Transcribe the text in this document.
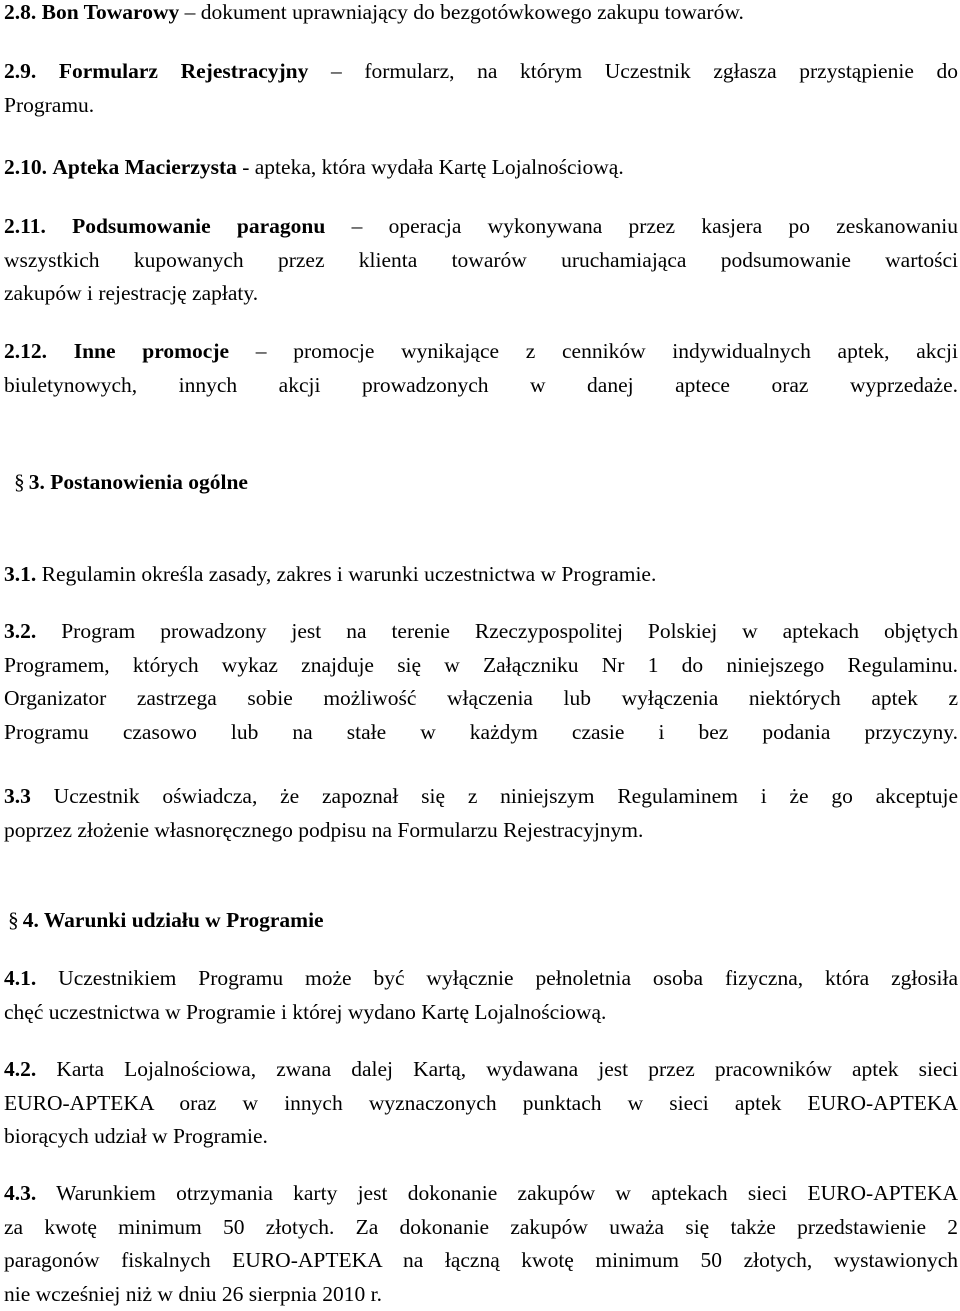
2.8. Bon Towarowy – dokument uprawniający do bezgotówkowego zakupu towarów.
2.9. Formularz Rejestracyjny – formularz, na którym Uczestnik zgłasza przystąpienie do
Programu.
2.10. Apteka Macierzysta - apteka, która wydała Kartę Lojalnościową.
2.11. Podsumowanie paragonu – operacja wykonywana przez kasjera po zeskanowaniu
wszystkich kupowanych przez klienta towarów uruchamiająca podsumowanie wartości
zakupów i rejestrację zapłaty.
2.12. Inne promocje – promocje wynikające z cenników indywidualnych aptek, akcji
biuletynowych, innych akcji prowadzonych w danej aptece oraz wyprzedaże.
§ 3. Postanowienia ogólne
3.1. Regulamin określa zasady, zakres i warunki uczestnictwa w Programie.
3.2. Program prowadzony jest na terenie Rzeczypospolitej Polskiej w aptekach objętych
Programem, których wykaz znajduje się w Załączniku Nr 1 do niniejszego Regulaminu.
Organizator zastrzega sobie możliwość włączenia lub wyłączenia niektórych aptek z
Programu czasowo lub na stałe w każdym czasie i bez podania przyczyny.
3.3 Uczestnik oświadcza, że zapoznał się z niniejszym Regulaminem i że go akceptuje
poprzez złożenie własnoręcznego podpisu na Formularzu Rejestracyjnym.
§ 4. Warunki udziału w Programie
4.1. Uczestnikiem Programu może być wyłącznie pełnoletnia osoba fizyczna, która zgłosiła
chęć uczestnictwa w Programie i której wydano Kartę Lojalnościową.
4.2. Karta Lojalnościowa, zwana dalej Kartą, wydawana jest przez pracowników aptek sieci
EURO-APTEKA oraz w innych wyznaczonych punktach w sieci aptek EURO-APTEKA
biorących udział w Programie.
4.3. Warunkiem otrzymania karty jest dokonanie zakupów w aptekach sieci EURO-APTEKA
za kwotę minimum 50 złotych. Za dokonanie zakupów uważa się także przedstawienie 2
paragonów fiskalnych EURO-APTEKA na łączną kwotę minimum 50 złotych, wystawionych
nie wcześniej niż w dniu 26 sierpnia 2010 r.
